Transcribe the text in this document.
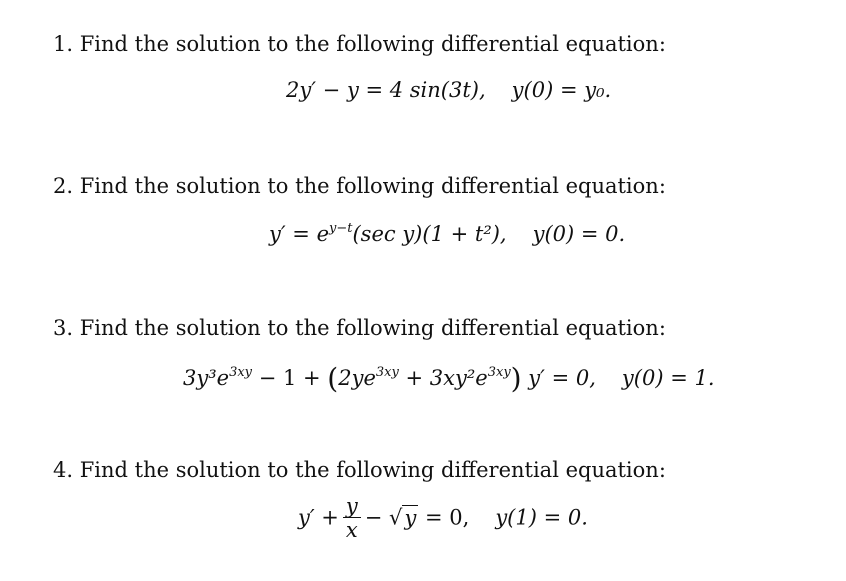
1. Find the solution to the following differential equation:
2y′ − y = 4 sin(3t), y(0) = y₀.
2. Find the solution to the following differential equation:
$y' = e^{y-t}(\sec$ y)(1 + t²), y(0) = 0.
3. Find the solution to the following differential equation:
$3y^3e^{3xy} - 1 + (2ye^{3xy} + 3xy^2e^{3xy}) y' = 0$, y(0) = 1.
4. Find the solution to the following differential equation:
$y' + \frac{y}{x} - √y = 0$, y(1) = 0.
